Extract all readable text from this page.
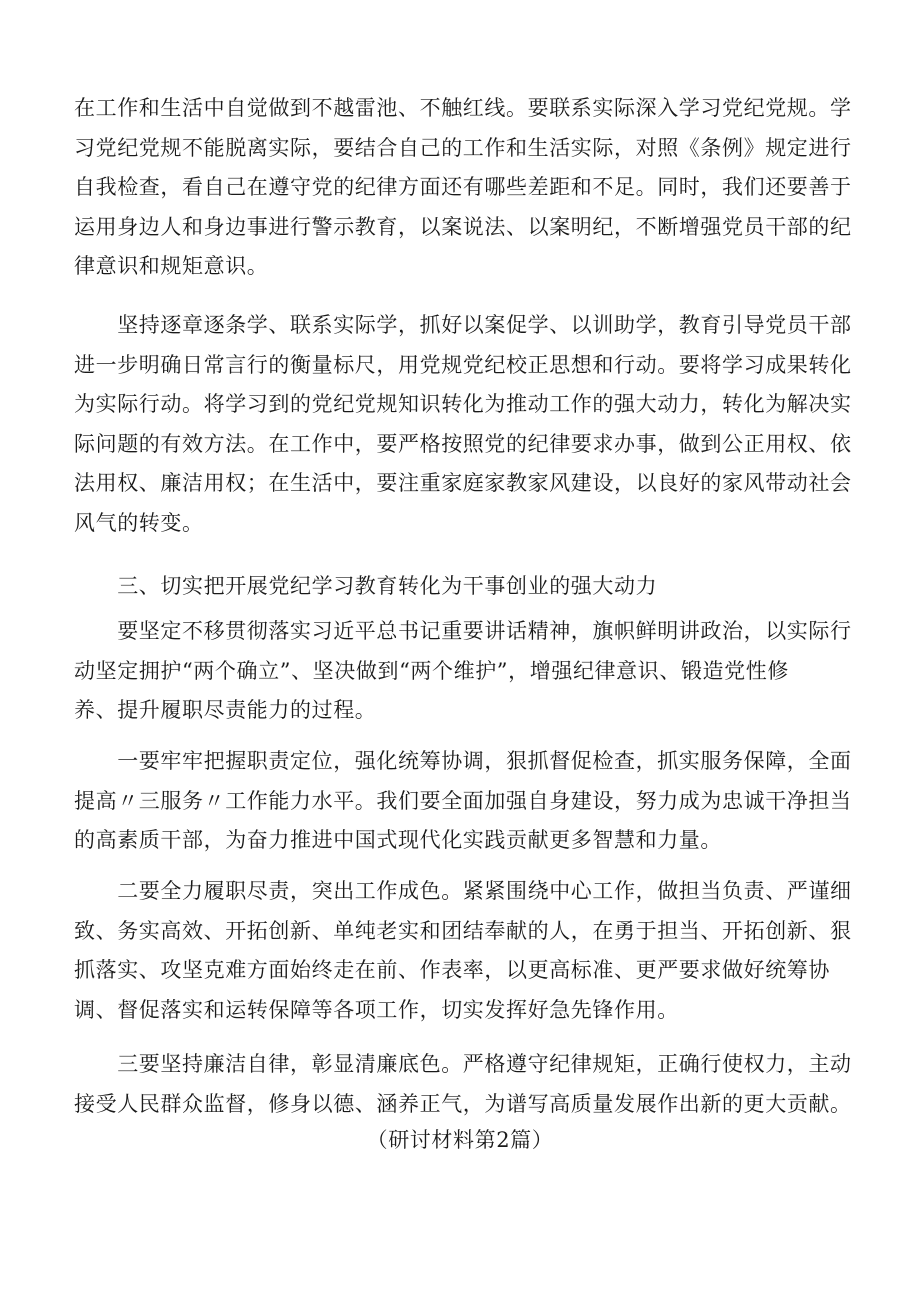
在工作和生活中自觉做到不越雷池、不触红线。要联系实际深入学习党纪党规。学
习党纪党规不能脱离实际，要结合自己的工作和生活实际，对照《条例》规定进行
自我检查，看自己在遵守党的纪律方面还有哪些差距和不足。同时，我们还要善于
运用身边人和身边事进行警示教育，以案说法、以案明纪，不断增强党员干部的纪
律意识和规矩意识。

　　坚持逐章逐条学、联系实际学，抓好以案促学、以训助学，教育引导党员干部
进一步明确日常言行的衡量标尺，用党规党纪校正思想和行动。要将学习成果转化
为实际行动。将学习到的党纪党规知识转化为推动工作的强大动力，转化为解决实
际问题的有效方法。在工作中，要严格按照党的纪律要求办事，做到公正用权、依
法用权、廉洁用权；在生活中，要注重家庭家教家风建设，以良好的家风带动社会
风气的转变。

　　三、切实把开展党纪学习教育转化为干事创业的强大动力

　　要坚定不移贯彻落实习近平总书记重要讲话精神，旗帜鲜明讲政治，以实际行
动坚定拥护“两个确立”、坚决做到“两个维护”，增强纪律意识、锻造党性修
养、提升履职尽责能力的过程。

　　一要牢牢把握职责定位，强化统筹协调，狠抓督促检查，抓实服务保障，全面
提高〃三服务〃工作能力水平。我们要全面加强自身建设，努力成为忠诚干净担当
的高素质干部，为奋力推进中国式现代化实践贡献更多智慧和力量。

　　二要全力履职尽责，突出工作成色。紧紧围绕中心工作，做担当负责、严谨细
致、务实高效、开拓创新、单纯老实和团结奉献的人，在勇于担当、开拓创新、狠
抓落实、攻坚克难方面始终走在前、作表率，以更高标准、更严要求做好统筹协
调、督促落实和运转保障等各项工作，切实发挥好急先锋作用。

　　三要坚持廉洁自律，彰显清廉底色。严格遵守纪律规矩，正确行使权力，主动
接受人民群众监督，修身以德、涵养正气，为谱写高质量发展作出新的更大贡献。

（研讨材料第2篇）
